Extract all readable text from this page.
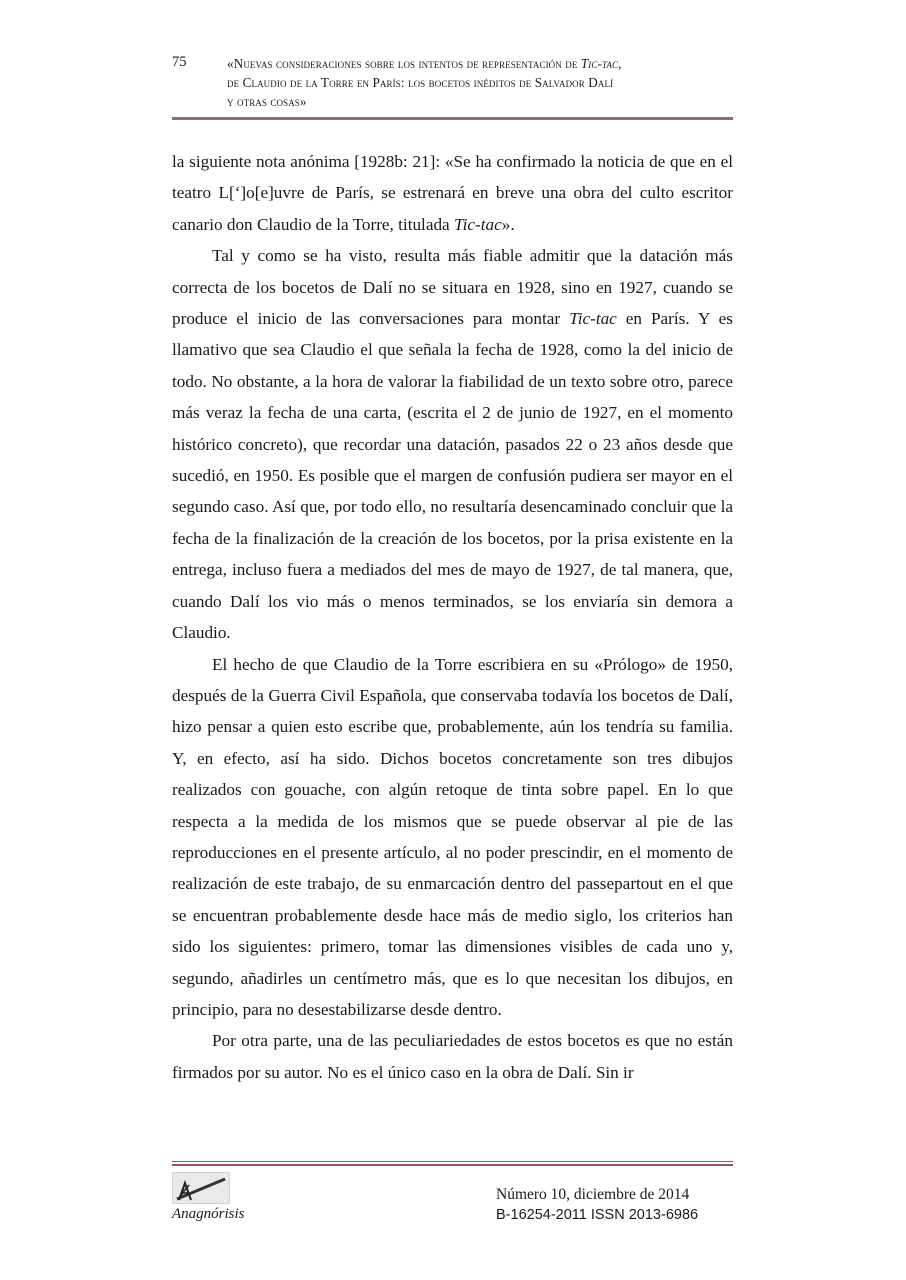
75	«Nuevas consideraciones sobre los intentos de representación de Tic-tac,
de Claudio de la Torre en París: los bocetos inéditos de Salvador Dalí
y otras cosas»

la siguiente nota anónima [1928b: 21]: «Se ha confirmado la noticia de que en el teatro L[‘]o[e]uvre de París, se estrenará en breve una obra del culto escritor canario don Claudio de la Torre, titulada Tic-tac».

Tal y como se ha visto, resulta más fiable admitir que la datación más correcta de los bocetos de Dalí no se situara en 1928, sino en 1927, cuando se produce el inicio de las conversaciones para montar Tic-tac en París. Y es llamativo que sea Claudio el que señala la fecha de 1928, como la del inicio de todo. No obstante, a la hora de valorar la fiabilidad de un texto sobre otro, parece más veraz la fecha de una carta, (escrita el 2 de junio de 1927, en el momento histórico concreto), que recordar una datación, pasados 22 o 23 años desde que sucedió, en 1950. Es posible que el margen de confusión pudiera ser mayor en el segundo caso. Así que, por todo ello, no resultaría desencaminado concluir que la fecha de la finalización de la creación de los bocetos, por la prisa existente en la entrega, incluso fuera a mediados del mes de mayo de 1927, de tal manera, que, cuando Dalí los vio más o menos terminados, se los enviaría sin demora a Claudio.

El hecho de que Claudio de la Torre escribiera en su «Prólogo» de 1950, después de la Guerra Civil Española, que conservaba todavía los bocetos de Dalí, hizo pensar a quien esto escribe que, probablemente, aún los tendría su familia. Y, en efecto, así ha sido. Dichos bocetos concretamente son tres dibujos realizados con gouache, con algún retoque de tinta sobre papel. En lo que respecta a la medida de los mismos que se puede observar al pie de las reproducciones en el presente artículo, al no poder prescindir, en el momento de realización de este trabajo, de su enmarcación dentro del passepartout en el que se encuentran probablemente desde hace más de medio siglo, los criterios han sido los siguientes: primero, tomar las dimensiones visibles de cada uno y, segundo, añadirles un centímetro más, que es lo que necesitan los dibujos, en principio, para no desestabilizarse desde dentro.

Por otra parte, una de las peculiariedades de estos bocetos es que no están firmados por su autor. No es el único caso en la obra de Dalí. Sin ir

Anagnórisis
Número 10, diciembre de 2014
B-16254-2011 ISSN 2013-6986
